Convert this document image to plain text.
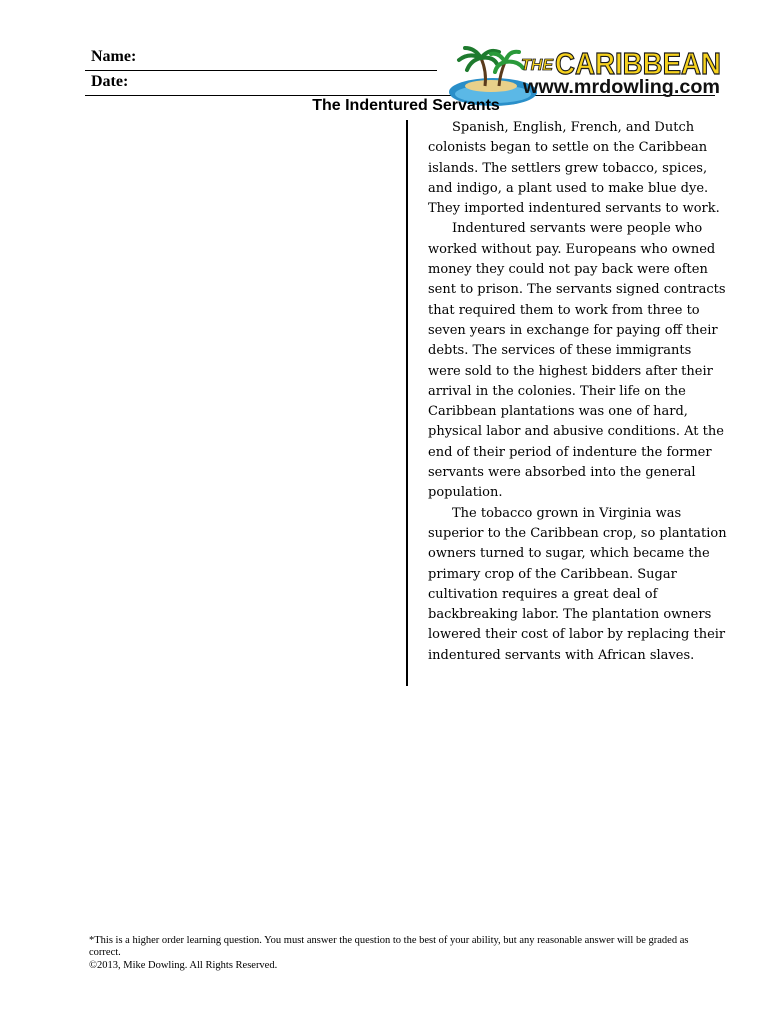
Name:
Date:
THE CARIBBEAN
www.mrdowling.com
The Indentured Servants

Spanish, English, French, and Dutch colonists began to settle on the Caribbean islands. The settlers grew tobacco, spices, and indigo, a plant used to make blue dye. They imported indentured servants to work.

Indentured servants were people who worked without pay. Europeans who owned money they could not pay back were often sent to prison. The servants signed contracts that required them to work from three to seven years in exchange for paying off their debts. The services of these immigrants were sold to the highest bidders after their arrival in the colonies. Their life on the Caribbean plantations was one of hard, physical labor and abusive conditions. At the end of their period of indenture the former servants were absorbed into the general population.

The tobacco grown in Virginia was superior to the Caribbean crop, so plantation owners turned to sugar, which became the primary crop of the Caribbean. Sugar cultivation requires a great deal of backbreaking labor. The plantation owners lowered their cost of labor by replacing their indentured servants with African slaves.

*This is a higher order learning question. You must answer the question to the best of your ability, but any reasonable answer will be graded as correct.
©2013, Mike Dowling. All Rights Reserved.
